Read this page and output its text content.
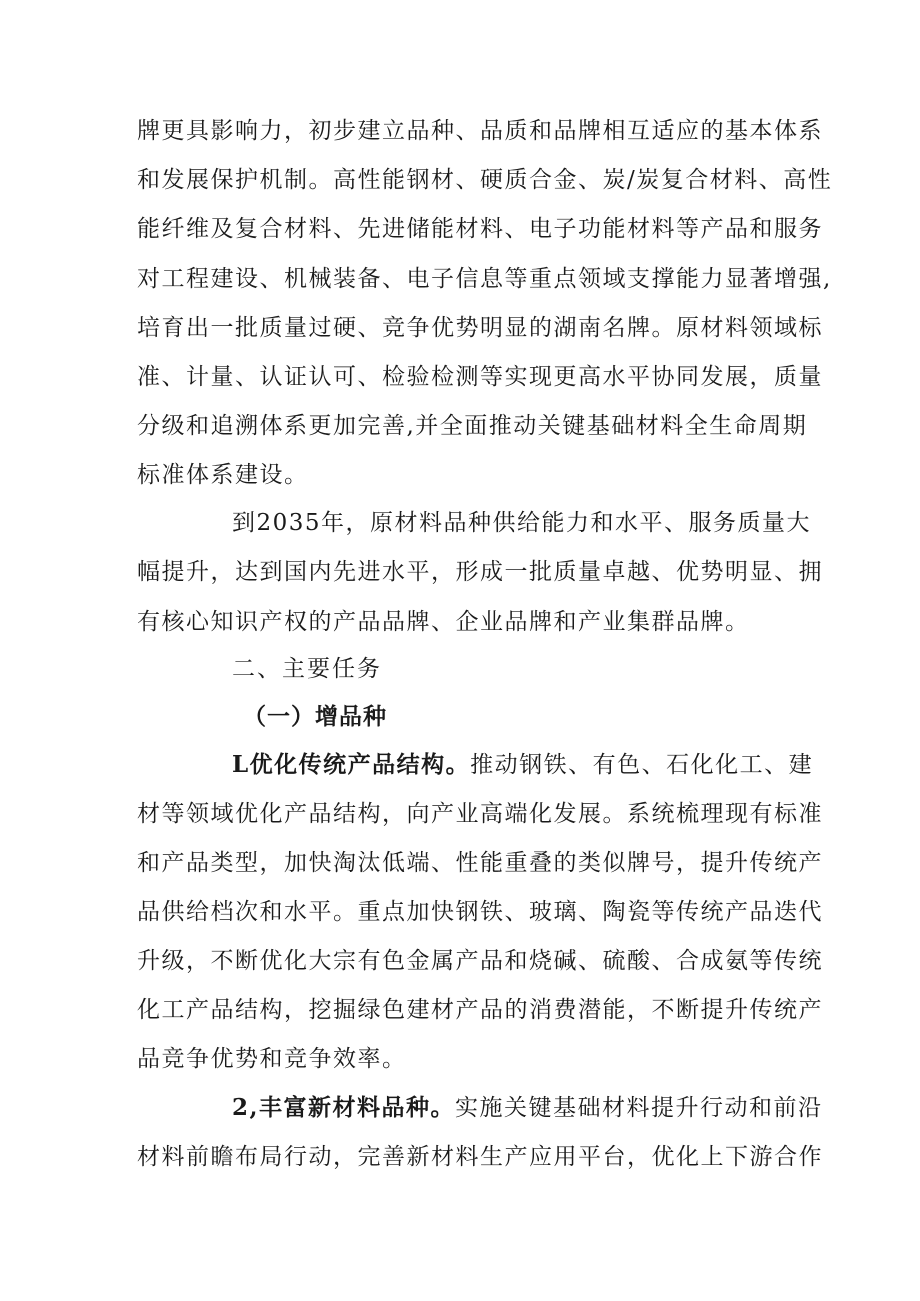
牌更具影响力，初步建立品种、品质和品牌相互适应的基本体系
和发展保护机制。高性能钢材、硬质合金、炭/炭复合材料、高性
能纤维及复合材料、先进储能材料、电子功能材料等产品和服务
对工程建设、机械装备、电子信息等重点领域支撑能力显著增强,
培育出一批质量过硬、竞争优势明显的湖南名牌。原材料领域标
准、计量、认证认可、检验检测等实现更高水平协同发展，质量
分级和追溯体系更加完善,并全面推动关键基础材料全生命周期
标准体系建设。
到2035年，原材料品种供给能力和水平、服务质量大
幅提升，达到国内先进水平，形成一批质量卓越、优势明显、拥
有核心知识产权的产品品牌、企业品牌和产业集群品牌。
二、主要任务
（一）增品种
L优化传统产品结构。推动钢铁、有色、石化化工、建
材等领域优化产品结构，向产业高端化发展。系统梳理现有标准
和产品类型，加快淘汰低端、性能重叠的类似牌号，提升传统产
品供给档次和水平。重点加快钢铁、玻璃、陶瓷等传统产品迭代
升级，不断优化大宗有色金属产品和烧碱、硫酸、合成氨等传统
化工产品结构，挖掘绿色建材产品的消费潜能，不断提升传统产
品竞争优势和竞争效率。
2,丰富新材料品种。实施关键基础材料提升行动和前沿
材料前瞻布局行动，完善新材料生产应用平台，优化上下游合作
